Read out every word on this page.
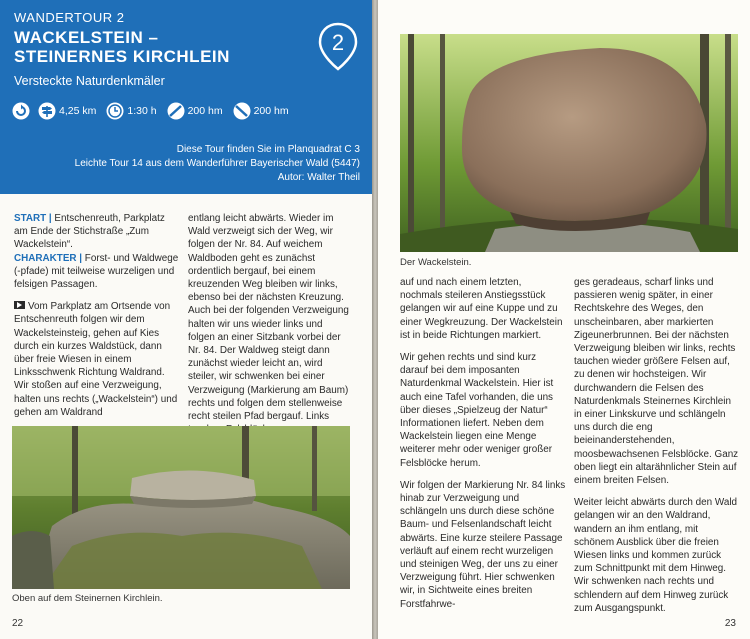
WANDERTOUR 2
WACKELSTEIN –
STEINERNES KIRCHLEIN
Versteckte Naturdenkmäler
2
4,25 km	1:30 h	200 hm	200 hm
Diese Tour finden Sie im Planquadrat C 3
Leichte Tour 14 aus dem Wanderführer Bayerischer Wald (5447)
Autor: Walter Theil

START | Entschenreuth, Parkplatz am Ende der Stichstraße „Zum Wackelstein“.

CHARAKTER | Forst- und Waldwege (-pfade) mit teilweise wurzeligen und felsigen Passagen.

Vom Parkplatz am Ortsende von Entschenreuth folgen wir dem Wackelsteinsteig, gehen auf Kies durch ein kurzes Waldstück, dann über freie Wiesen in einem Linksschwenk Richtung Waldrand. Wir stoßen auf eine Verzweigung, halten uns rechts („Wackelstein“) und gehen am Waldrand

entlang leicht abwärts. Wieder im Wald verzweigt sich der Weg, wir folgen der Nr. 84. Auf weichem Waldboden geht es zunächst ordentlich bergauf, bei einem kreuzenden Weg bleiben wir links, ebenso bei der nächsten Kreuzung. Auch bei der folgenden Verzweigung halten wir uns wieder links und folgen an einer Sitzbank vorbei der Nr. 84. Der Waldweg steigt dann zunächst wieder leicht an, wird steiler, wir schwenken bei einer Verzweigung (Markierung am Baum) rechts und folgen dem stellenweise recht steilen Pfad bergauf. Links

Oben auf dem Steinernen Kirchlein.
22
Der Wackelstein.

auf und nach einem letzten, nochmals steileren Anstiegsstück gelangen wir auf eine Kuppe und zu einer Wegkreuzung. Der Wackelstein ist in beide Richtungen markiert.

Wir gehen rechts und sind kurz darauf bei dem imposanten Naturdenkmal Wackelstein. Hier ist auch eine Tafel vorhanden, die uns über dieses „Spielzeug der Natur“ Informationen liefert. Neben dem Wackelstein liegen eine Menge weiterer mehr oder weniger großer Felsblöcke herum.

Wir folgen der Markierung Nr. 84 links hinab zur Verzweigung und schlängeln uns durch diese schöne Baum- und Felsenlandschaft leicht abwärts. Eine kurze steilere Passage verläuft auf einem recht wurzeligen und steinigen Weg, der uns zu einer Verzweigung führt. Hier schwenken wir, in Sichtweite eines breiten Forstfahrwe-

ges geradeaus, scharf links und passieren wenig später, in einer Rechtskehre des Weges, den unscheinbaren, aber markierten Zigeunerbrunnen. Bei der nächsten Verzweigung bleiben wir links, rechts tauchen wieder größere Felsen auf, zu denen wir hochsteigen. Wir durchwandern die Felsen des Naturdenkmals Steinernes Kirchlein in einer Linkskurve und schlängeln uns durch die eng beieinanderstehenden, moosbewachsenen Felsblöcke. Ganz oben liegt ein altarähnlicher Stein auf einem breiten Felsen.

Weiter leicht abwärts durch den Wald gelangen wir an den Waldrand, wandern an ihm entlang, mit schönem Ausblick über die freien Wiesen links und kommen zurück zum Schnittpunkt mit dem Hinweg. Wir schwenken nach rechts und schlendern auf dem Hinweg zurück zum Ausgangspunkt.

23
